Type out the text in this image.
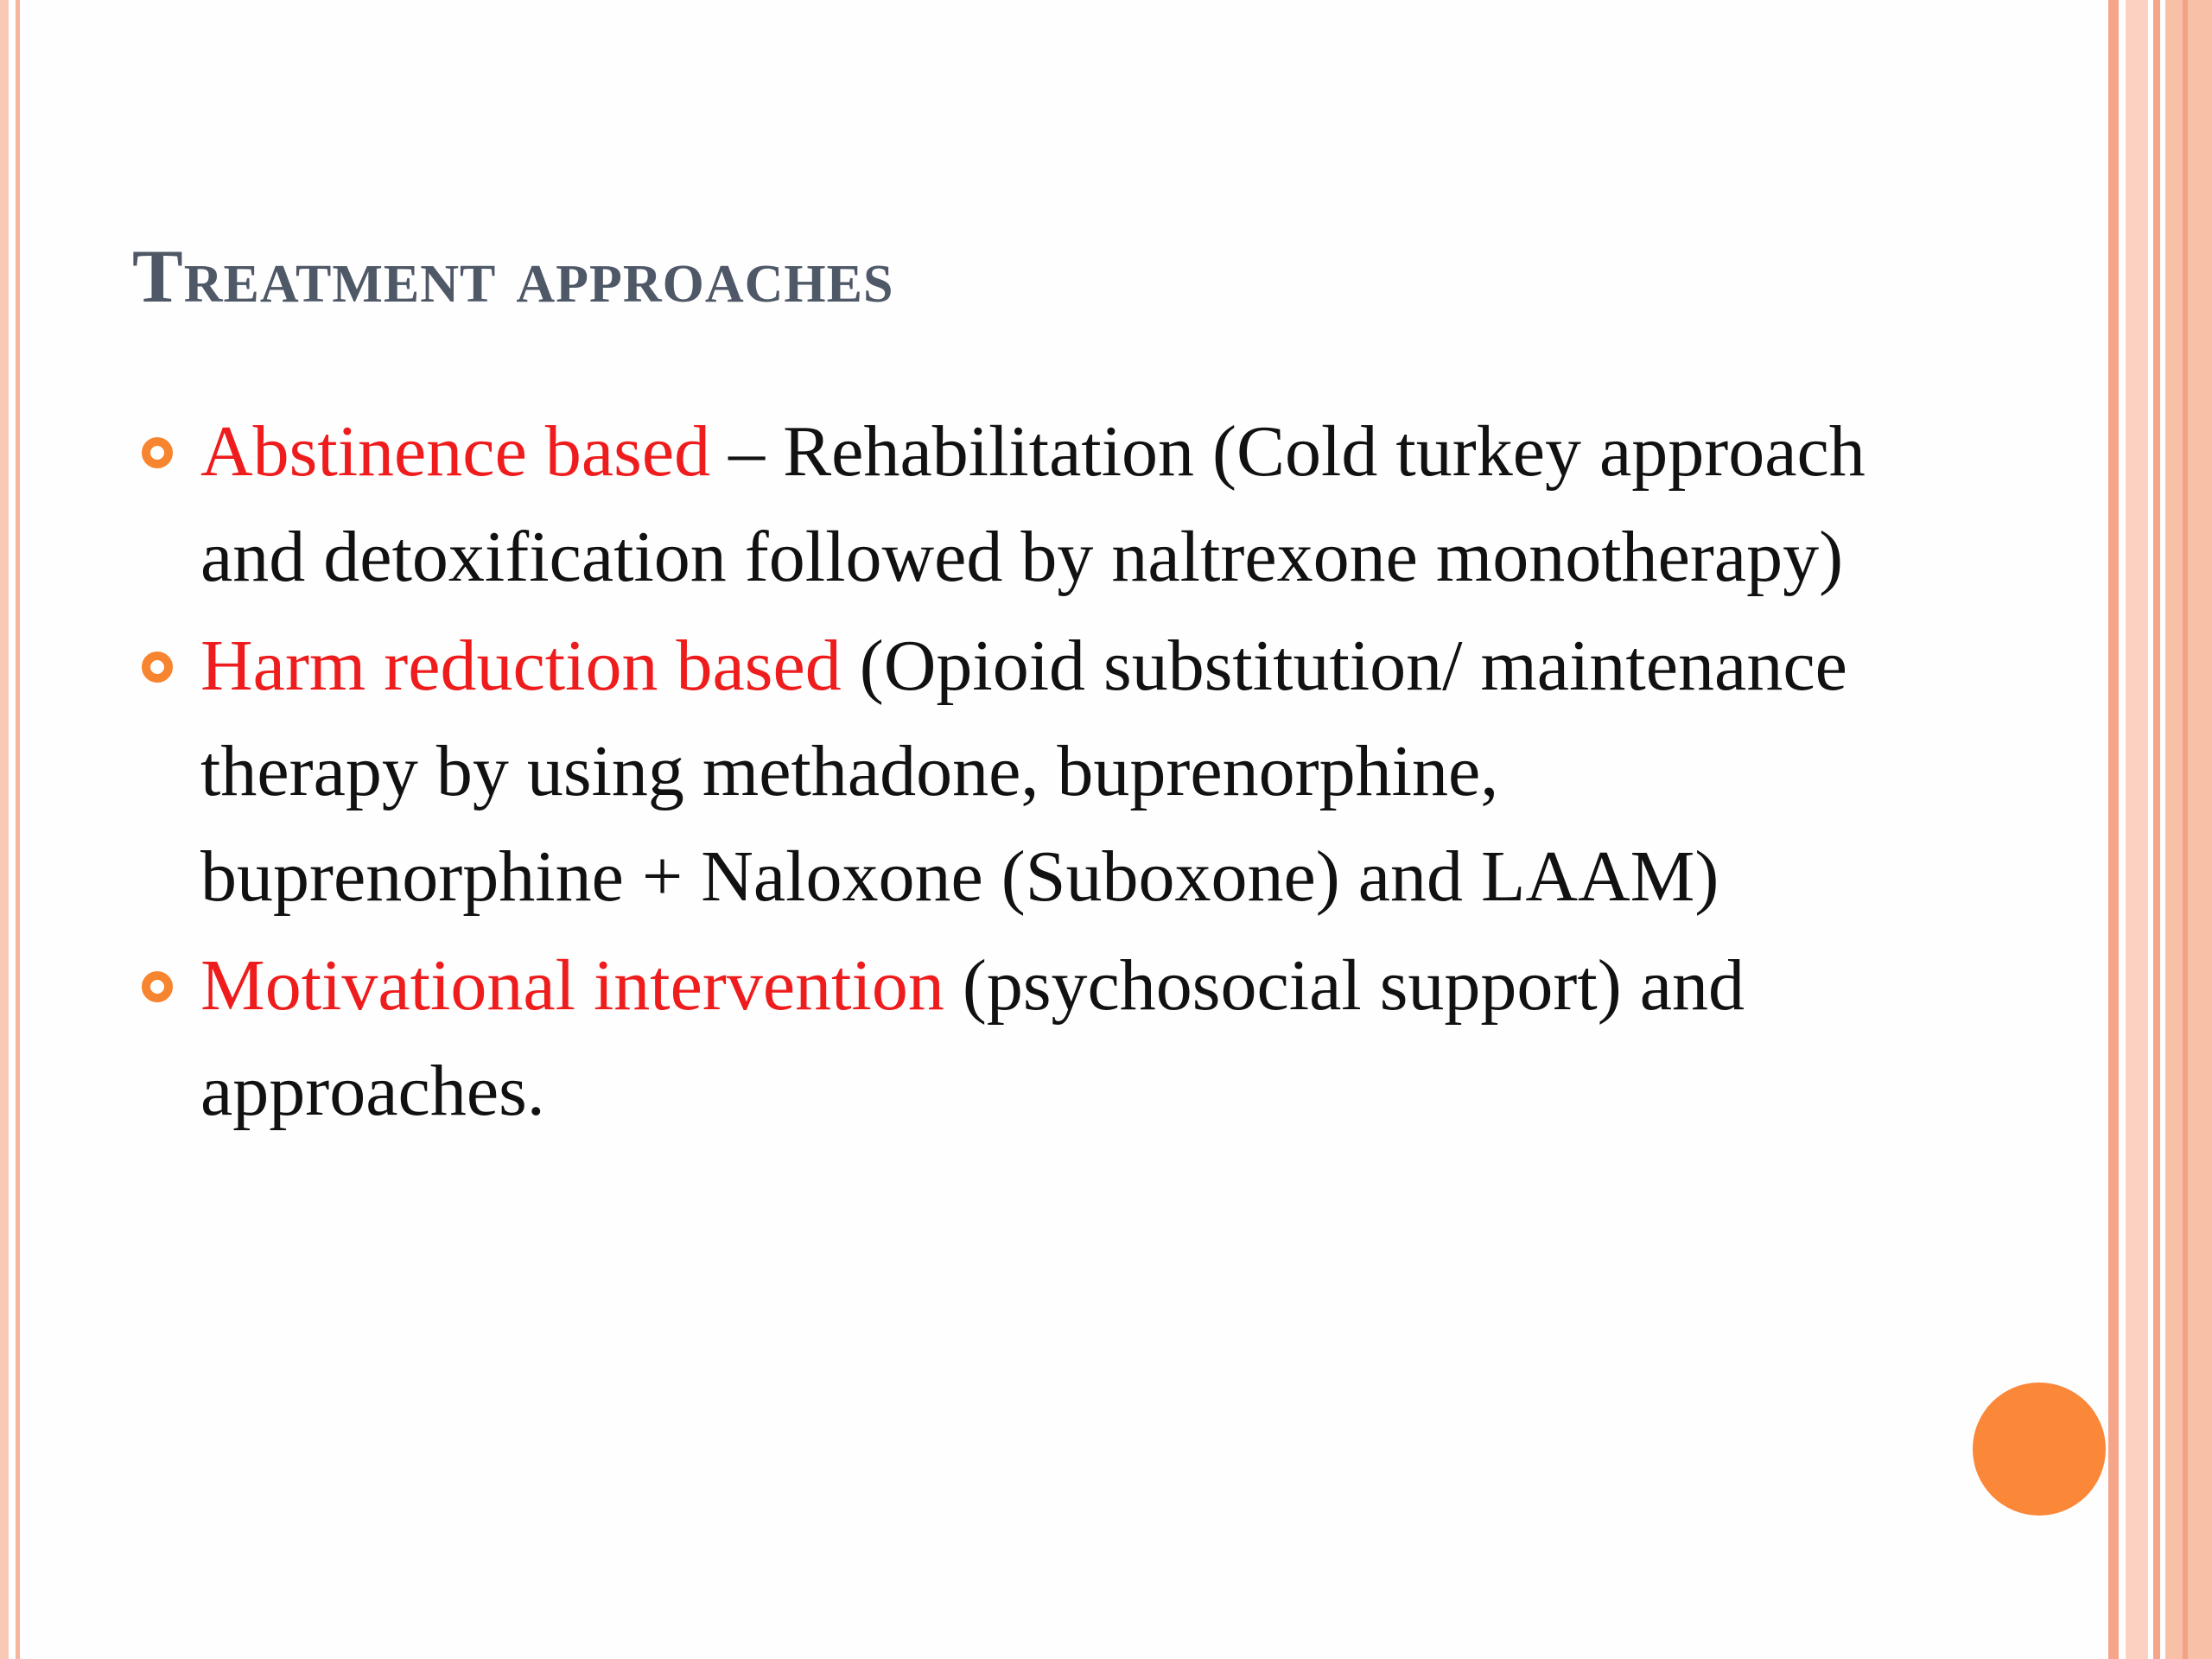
Treatment approaches
Abstinence based – Rehabilitation (Cold turkey approach and detoxification followed by naltrexone monotherapy)
Harm reduction based (Opioid substitution/ maintenance therapy by using methadone, buprenorphine, buprenorphine + Naloxone (Suboxone) and LAAM)
Motivational intervention (psychosocial support) and approaches.
